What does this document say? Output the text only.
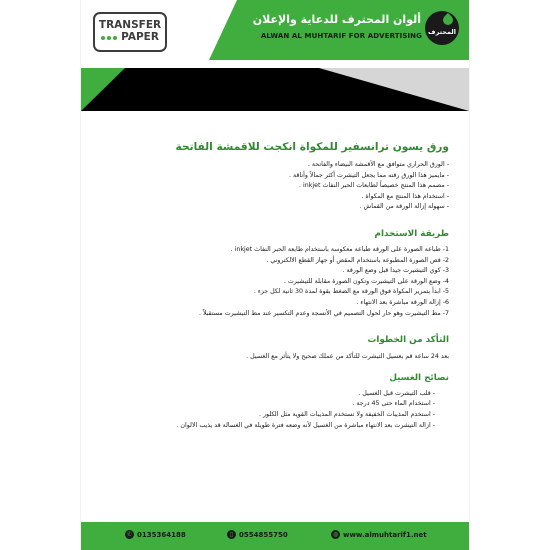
TRANSFER
PAPER
ألوان المحترف للدعاية والإعلان
ALWAN AL MUHTARIF FOR ADVERTISING المحترف
ورق يسون ترانسفير للمكواة انكجت للاقمشة الفاتحة
- الورق الحراري متوافق مع الأقمشة البيضاء والفاتحة .
- مايميز هذا الورق رقته مما يجعل التيشرت أكثر جمالاً وأناقة .
- مصمم هذا المنتج خصيصاً لطابعات الحبر النفاث inkjet .
- استخدام هذا المنتج مع المكواة .
- سهولة إزالة الورقة من القماش .
طريقة الاستخدام
1- طباعة الصورة على الورقة طباعة معكوسة باستخدام طابعة الحبر النفاث inkjet .
2- قص الصورة المطبوعة باستخدام المقص أو جهاز القطع الالكتروني .
3- كوي التيشيرت جيدا قبل وضع الورقة .
4- وضع الورقة على التيشيرت وتكون الصورة مقابلة للتيشيرت .
5- ابدأ بتمرير المكواة فوق الورقة مع الضغط بقوة لمدة 30 ثانية لكل جزء .
6- إزالة الورقة مباشرة بعد الانتهاء .
7- مط التيشيرت وهو حار لحول التصميم في الأنسجة وعدم التكسير عند مط التيشيرت مستقبلاً .
التأكد من الخطوات
بعد 24 ساعة قم بغسيل التيشرت للتأكد من عملك صحيح ولا يتأثر مع الغسيل .
نصائح الغسيل
- قلب التيشرت قبل الغسيل .
- استخدام الماء حتى 45 درجة .
- استخدم المذيبات الخفيفة ولا تستخدم المذيبات القوية مثل الكلور .
- ازالة التيشرت بعد الانتهاء مباشرة من الغسيل لأنه وضعه فترة طويلة في الغسالة قد يذيب الالوان .
✆ 0135364188	▯ 0554855750	◍ www.almuhtarif1.net
